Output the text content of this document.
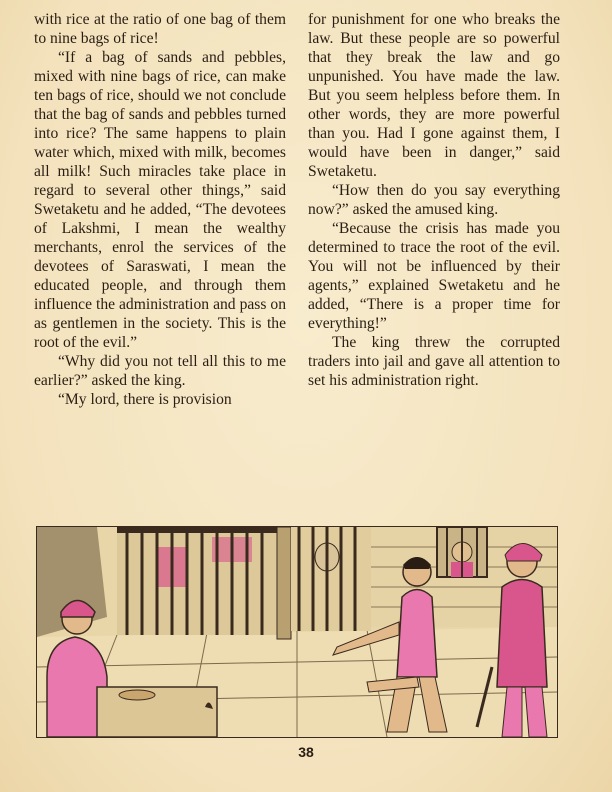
with rice at the ratio of one bag of them to nine bags of rice!

“If a bag of sands and pebbles, mixed with nine bags of rice, can make ten bags of rice, should we not conclude that the bag of sands and pebbles turned into rice? The same happens to plain water which, mixed with milk, becomes all milk! Such miracles take place in regard to several other things,” said Swetaketu and he added, “The devotees of Lakshmi, I mean the wealthy merchants, enrol the services of the devotees of Saraswati, I mean the educated people, and through them influence the administration and pass on as gentlemen in the society. This is the root of the evil.”

“Why did you not tell all this to me earlier?” asked the king.

“My lord, there is provision

for punishment for one who breaks the law. But these people are so powerful that they break the law and go unpunished. You have made the law. But you seem helpless before them. In other words, they are more powerful than you. Had I gone against them, I would have been in danger,” said Swetaketu.

“How then do you say everything now?” asked the amused king.

“Because the crisis has made you determined to trace the root of the evil. You will not be influenced by their agents,” explained Swetaketu and he added, “There is a proper time for everything!”

The king threw the corrupted traders into jail and gave all attention to set his administration right.

38
